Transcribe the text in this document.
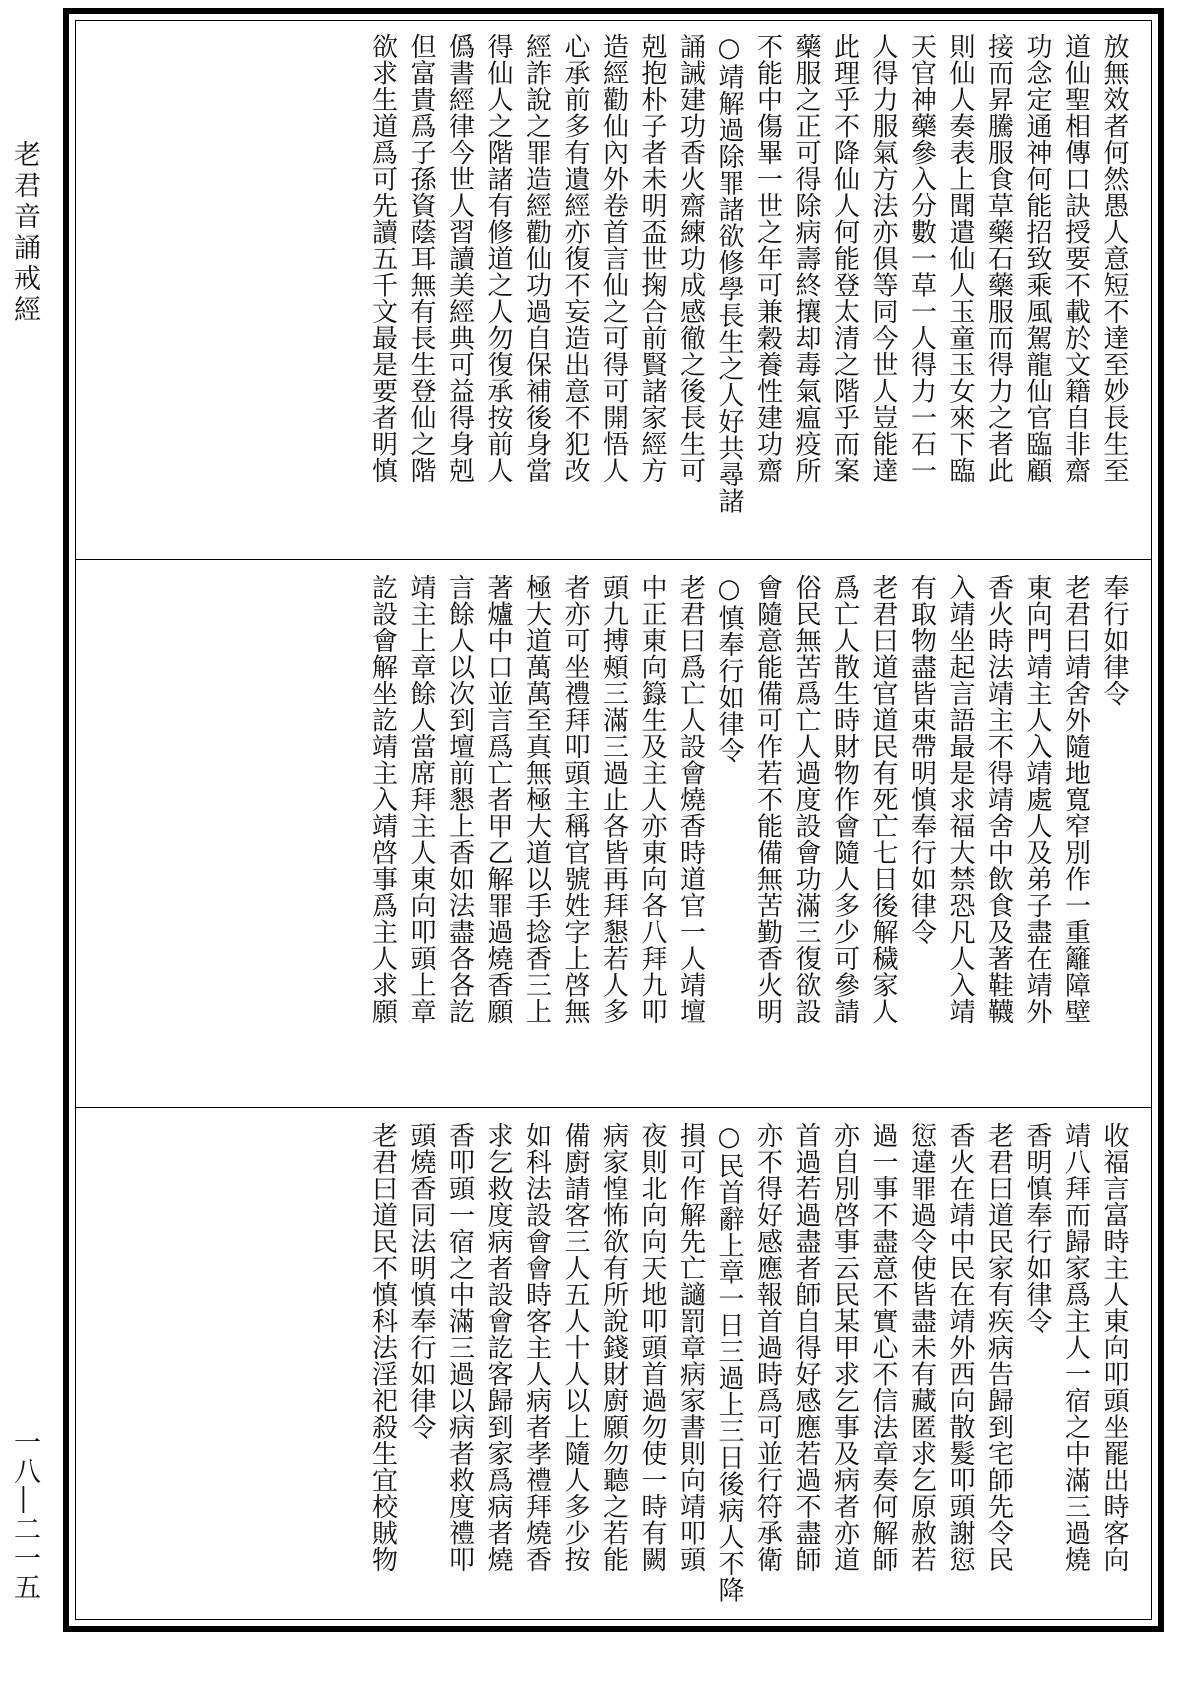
老君音誦戒經
一八―二一五
放無效者何然愚人意短不達至妙長生至
道仙聖相傳口訣授要不載於文籍自非齋
功念定通神何能招致乘風駕龍仙官臨顧
接而昇騰服食草藥石藥服而得力之者此
則仙人奏表上聞遣仙人玉童玉女來下臨
天官神藥參入分數一草一人得力一石一
人得力服氣方法亦俱等同今世人豈能達
此理乎不降仙人何能登太清之階乎而案
藥服之正可得除病壽終攘却毒氣瘟疫所
不能中傷畢一世之年可兼穀養性建功齋
○靖解過除罪諸欲修學長生之人好共尋諸
誦誡建功香火齋練功成感徹之後長生可
剋抱朴子者未明盃世掬合前賢諸家經方
造經勸仙內外卷首言仙之可得可開悟人
心承前多有遺經亦復不妄造出意不犯改
經詐說之罪造經勸仙功過自保補後身當
得仙人之階諸有修道之人勿復承按前人
僞書經律今世人習讀美經典可益得身剋
但富貴爲子孫資蔭耳無有長生登仙之階
欲求生道爲可先讀五千文最是要者明慎
奉行如律令
老君曰靖舍外隨地寬窄別作一重籬障壁
東向門靖主人入靖處人及弟子盡在靖外
香火時法靖主不得靖舍中飲食及著鞋韈
入靖坐起言語最是求福大禁恐凡人入靖
有取物盡皆束帶明慎奉行如律令
老君曰道官道民有死亡七日後解穢家人
爲亡人散生時財物作會隨人多少可參請
俗民無苦爲亡人過度設會功滿三復欲設
會隨意能備可作若不能備無苦勤香火明
○慎奉行如律令
老君曰爲亡人設會燒香時道官一人靖壇
中正東向籙生及主人亦東向各八拜九叩
頭九搏頰三滿三過止各皆再拜懇若人多
者亦可坐禮拜叩頭主稱官號姓字上啓無
極大道萬萬至真無極大道以手捻香三上
著爐中口並言爲亡者甲乙解罪過燒香願
言餘人以次到壇前懇上香如法盡各各訖
靖主上章餘人當席拜主人東向叩頭上章
訖設會解坐訖靖主入靖啓事爲主人求願
收福言富時主人東向叩頭坐罷出時客向
靖八拜而歸家爲主人一宿之中滿三過燒
香明慎奉行如律令
老君曰道民家有疾病告歸到宅師先令民
香火在靖中民在靖外西向散髮叩頭謝愆
愆違罪過令使皆盡未有藏匿求乞原赦若
過一事不盡意不實心不信法章奏何解師
亦自別啓事云民某甲求乞事及病者亦道
首過若過盡者師自得好感應若過不盡師
亦不得好感應報首過時爲可並行符承衛
○民首辭上章一日三過上三日後病人不降
損可作解先亡讁罰章病家書則向靖叩頭
夜則北向向天地叩頭首過勿使一時有闕
病家惶怖欲有所說錢財廚願勿聽之若能
備廚請客三人五人十人以上隨人多少按
如科法設會會時客主人病者孝禮拜燒香
求乞救度病者設會訖客歸到家爲病者燒
香叩頭一宿之中滿三過以病者救度禮叩
頭燒香同法明慎奉行如律令
老君曰道民不慎科法淫祀殺生宜校賊物
